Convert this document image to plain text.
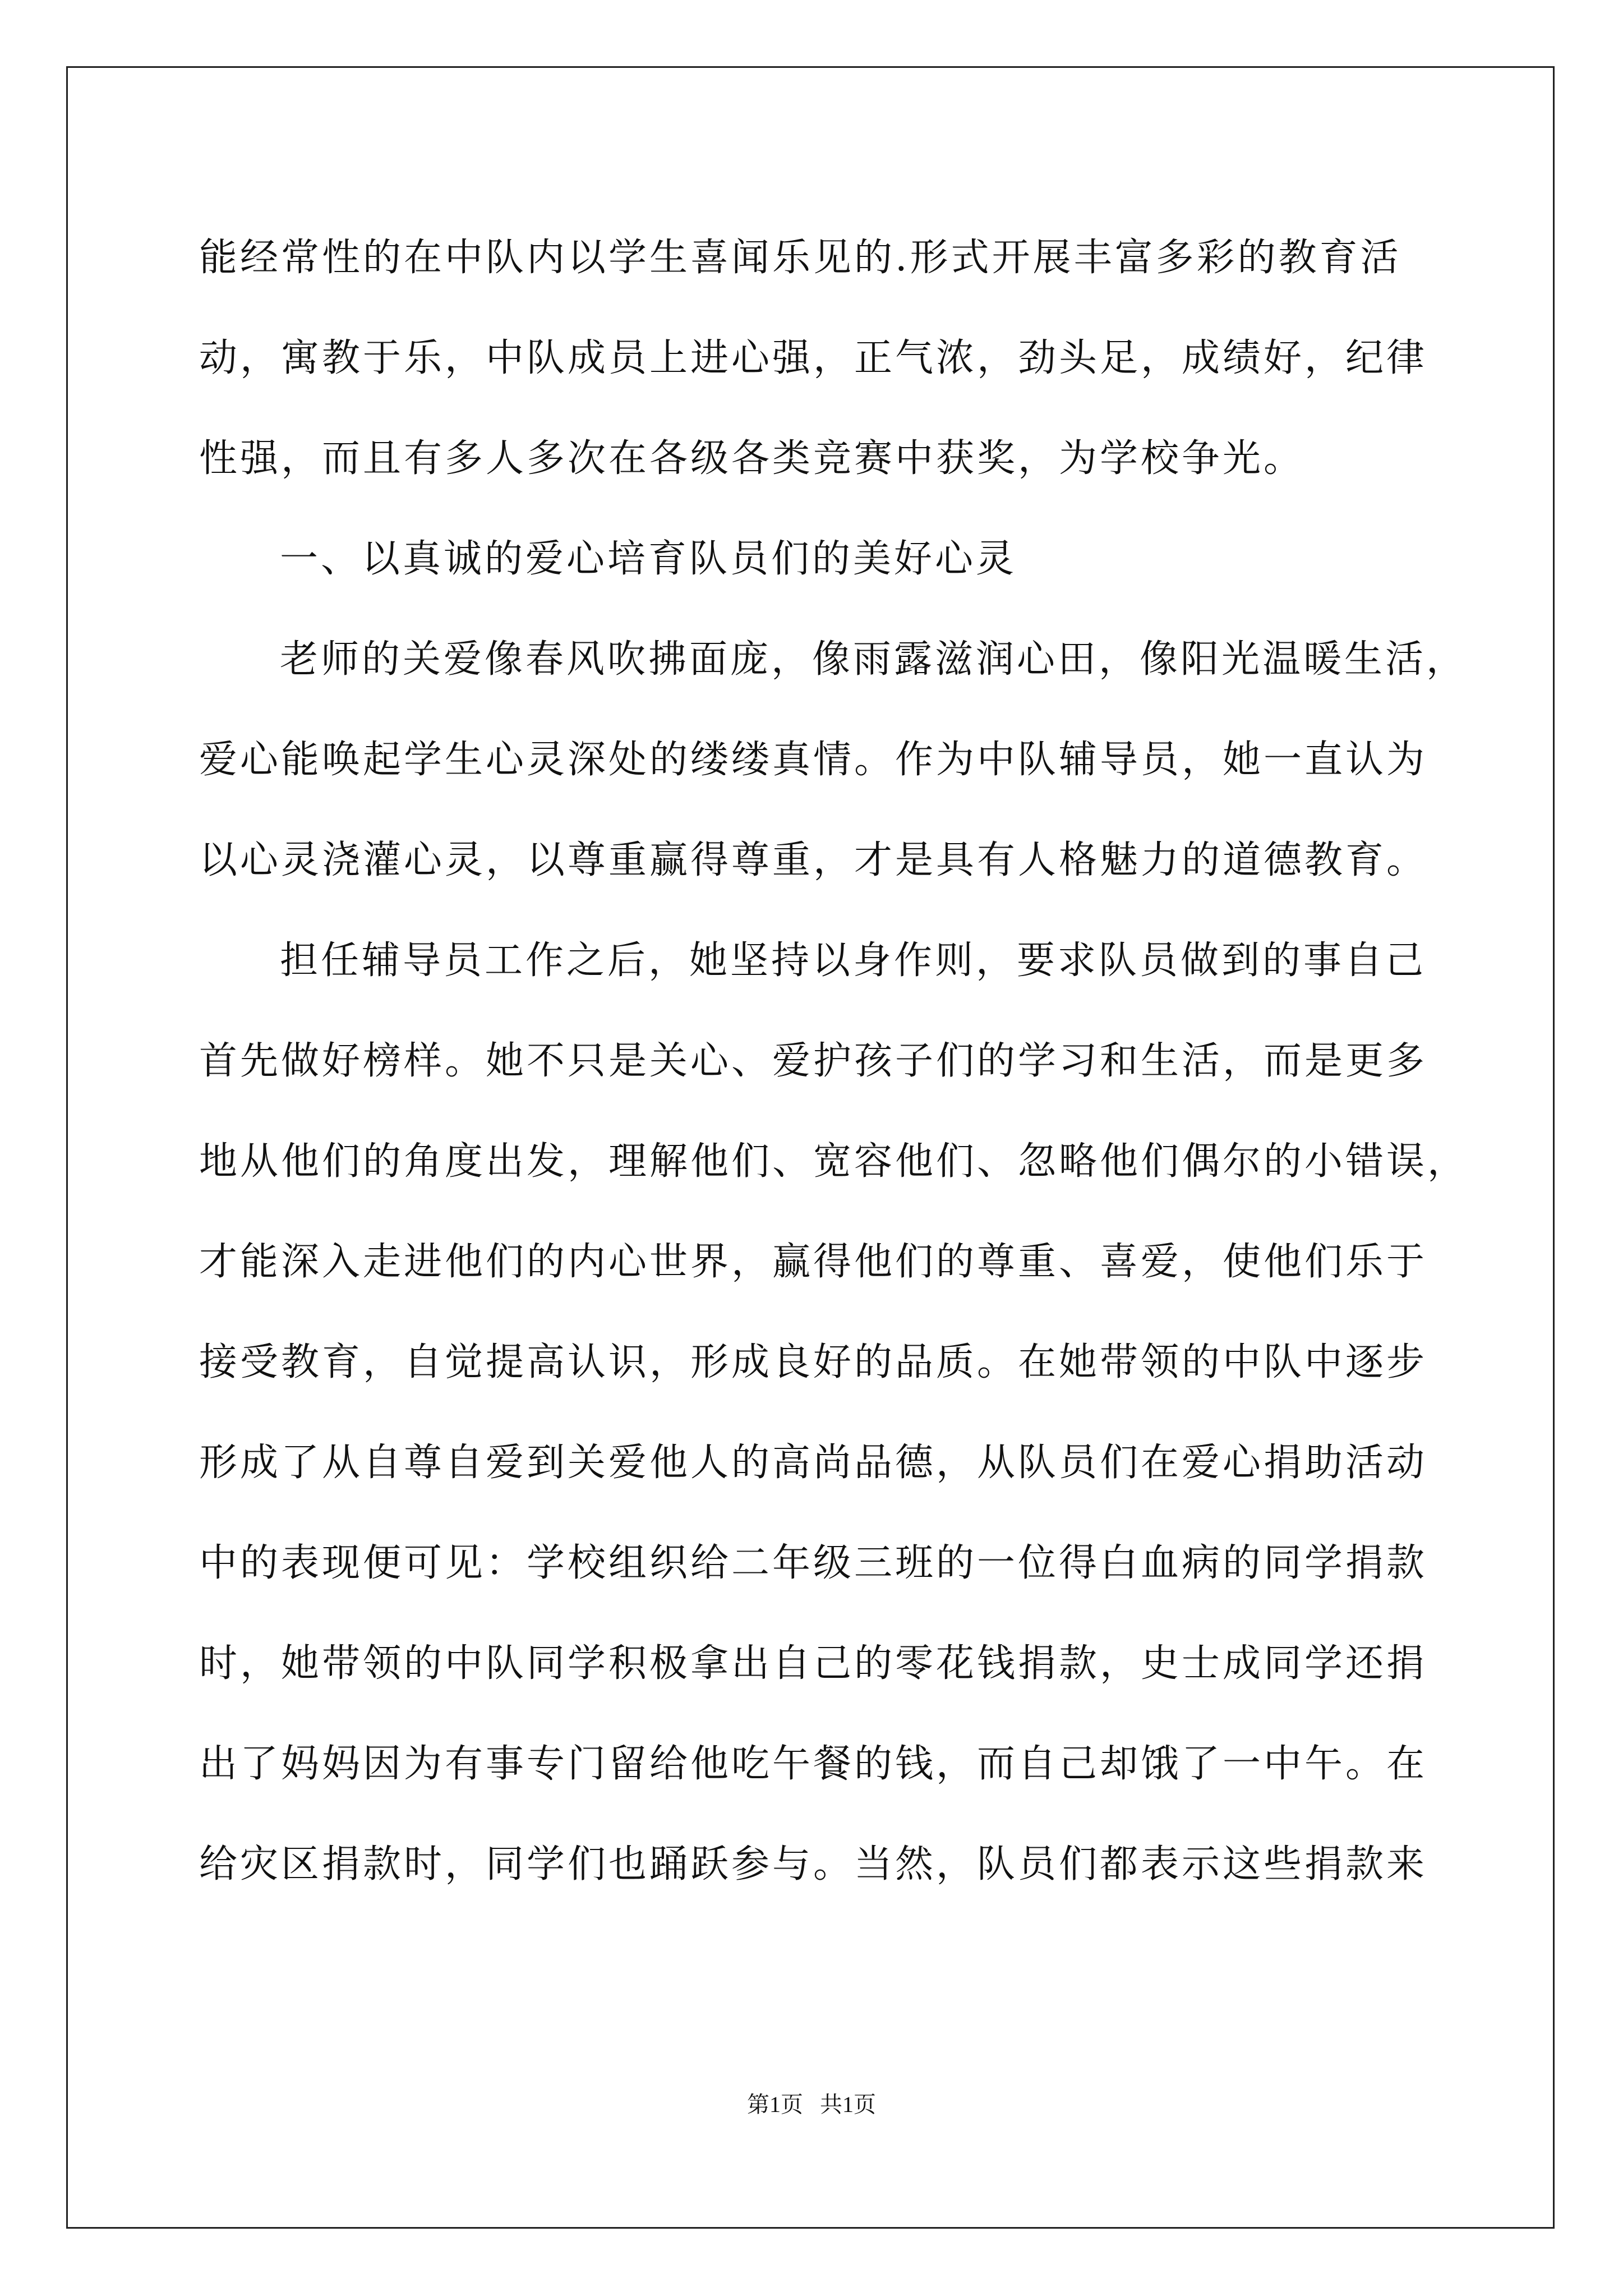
能经常性的在中队内以学生喜闻乐见的.形式开展丰富多彩的教育活
动，寓教于乐，中队成员上进心强，正气浓，劲头足，成绩好，纪律
性强，而且有多人多次在各级各类竞赛中获奖，为学校争光。
一、以真诚的爱心培育队员们的美好心灵
老师的关爱像春风吹拂面庞，像雨露滋润心田，像阳光温暖生活，
爱心能唤起学生心灵深处的缕缕真情。作为中队辅导员，她一直认为
以心灵浇灌心灵，以尊重赢得尊重，才是具有人格魅力的道德教育。
担任辅导员工作之后，她坚持以身作则，要求队员做到的事自己
首先做好榜样。她不只是关心、爱护孩子们的学习和生活，而是更多
地从他们的角度出发，理解他们、宽容他们、忽略他们偶尔的小错误，
才能深入走进他们的内心世界，赢得他们的尊重、喜爱，使他们乐于
接受教育，自觉提高认识，形成良好的品质。在她带领的中队中逐步
形成了从自尊自爱到关爱他人的高尚品德，从队员们在爱心捐助活动
中的表现便可见：学校组织给二年级三班的一位得白血病的同学捐款
时，她带领的中队同学积极拿出自己的零花钱捐款，史士成同学还捐
出了妈妈因为有事专门留给他吃午餐的钱，而自己却饿了一中午。在
给灾区捐款时，同学们也踊跃参与。当然，队员们都表示这些捐款来
第1页 共1页
